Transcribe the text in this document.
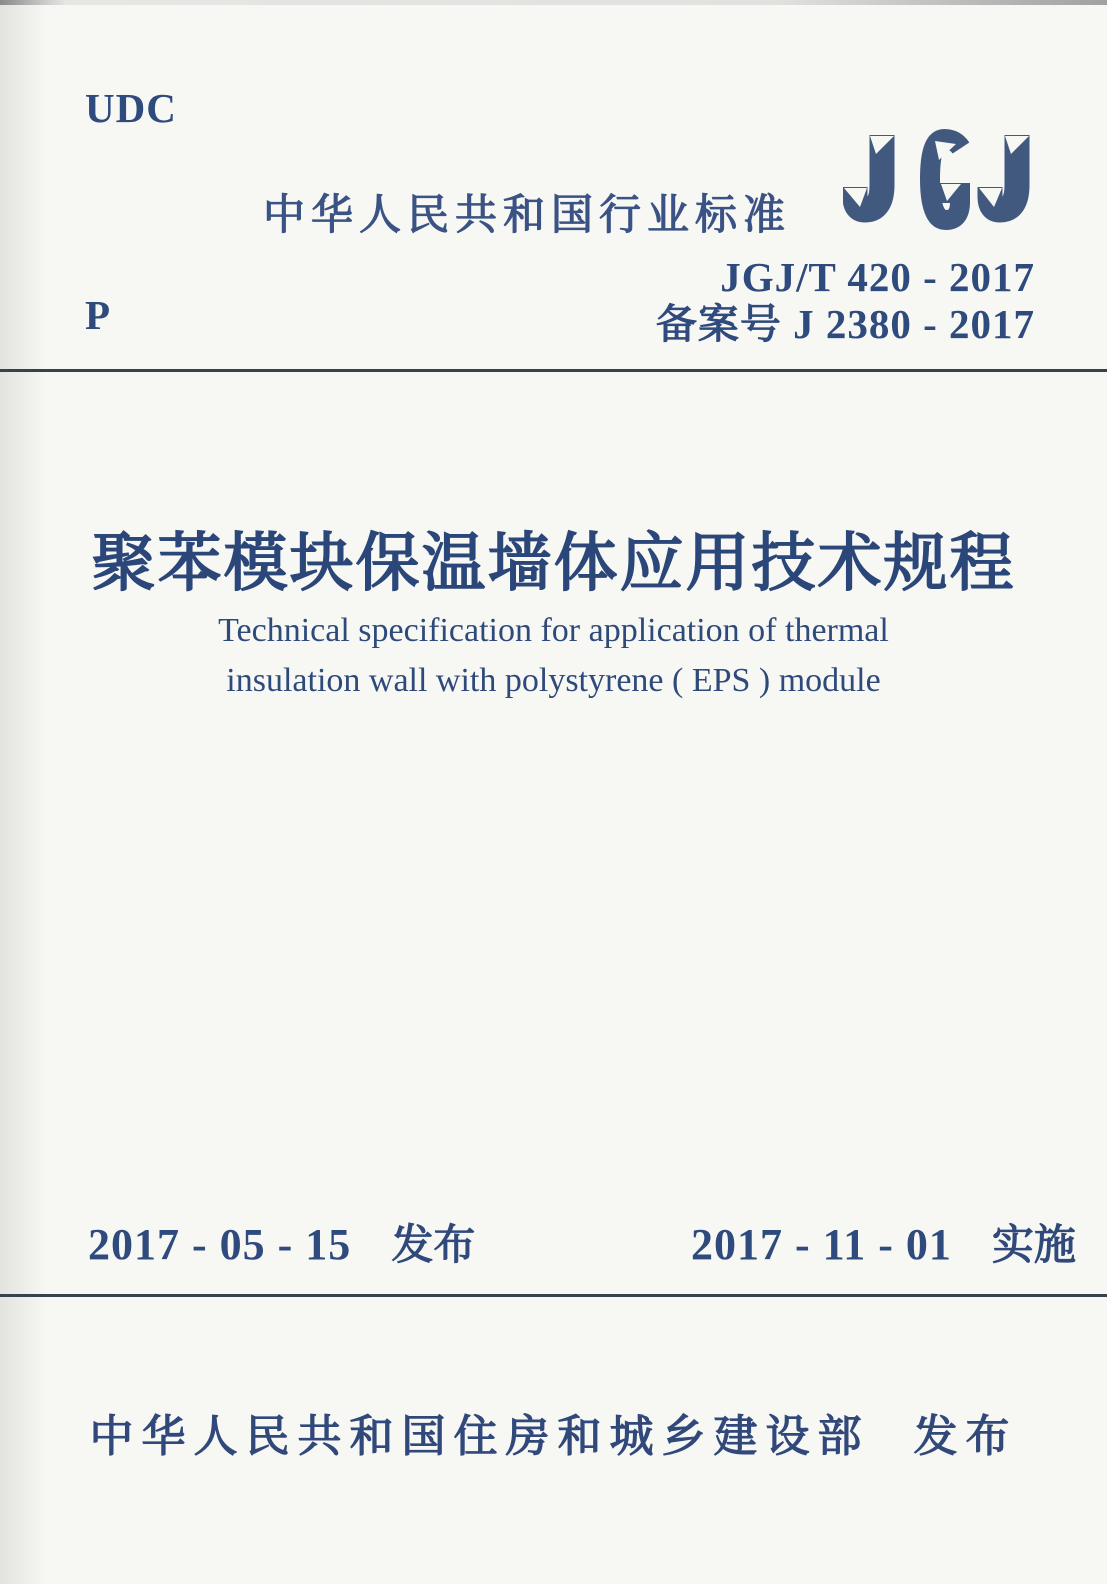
UDC
P
中华人民共和国行业标准
JGJ/T 420 - 2017
备案号 J 2380 - 2017
聚苯模块保温墙体应用技术规程
Technical specification for application of thermal
insulation wall with polystyrene ( EPS ) module
2017 - 05 - 15 发布	2017 - 11 - 01 实施
中华人民共和国住房和城乡建设部 发布
